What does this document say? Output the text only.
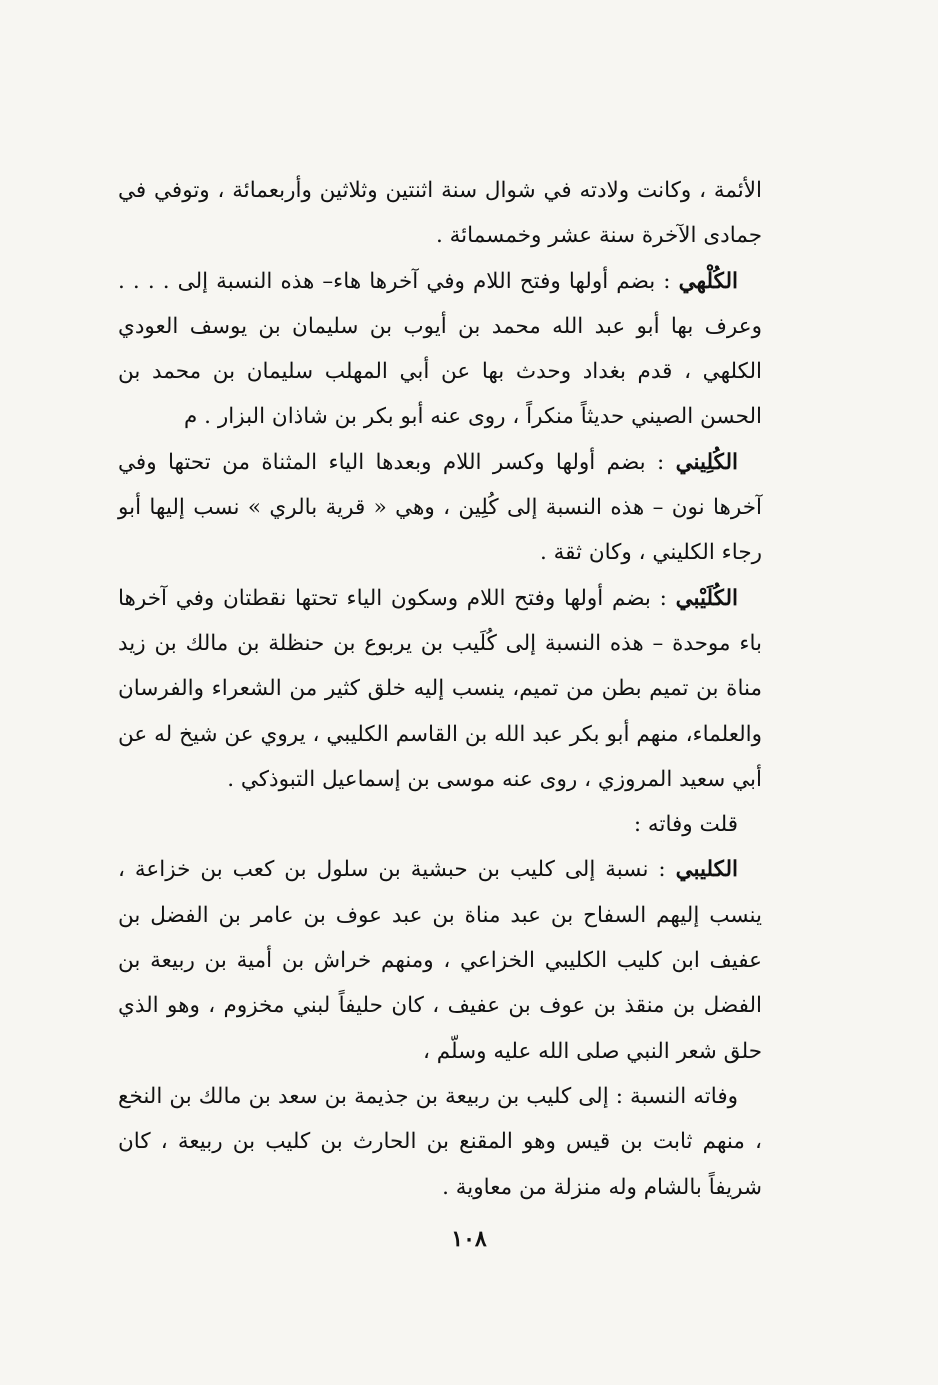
الأئمة ، وكانت ولادته في شوال سنة اثنتين وثلاثين وأربعمائة ، وتوفي في جمادى الآخرة سنة عشر وخمسمائة .

الكُلْهي : بضم أولها وفتح اللام وفي آخرها هاء– هذه النسبة إلى . . . . وعرف بها أبو عبد الله محمد بن أيوب بن سليمان بن يوسف العودي الكلهي ، قدم بغداد وحدث بها عن أبي المهلب سليمان بن محمد بن الحسن الصيني حديثاً منكراً ، روى عنه أبو بكر بن شاذان البزار . م

الكُلِيني : بضم أولها وكسر اللام وبعدها الياء المثناة من تحتها وفي آخرها نون – هذه النسبة إلى كُلِين ، وهي « قرية بالري » نسب إليها أبو رجاء الكليني ، وكان ثقة .

الكُلَيْبي : بضم أولها وفتح اللام وسكون الياء تحتها نقطتان وفي آخرها باء موحدة – هذه النسبة إلى كُلَيب بن يربوع بن حنظلة بن مالك بن زيد مناة بن تميم بطن من تميم، ينسب إليه خلق كثير من الشعراء والفرسان والعلماء، منهم أبو بكر عبد الله بن القاسم الكليبي ، يروي عن شيخ له عن أبي سعيد المروزي ، روى عنه موسى بن إسماعيل التبوذكي .

قلت وفاته :

الكليبي : نسبة إلى كليب بن حبشية بن سلول بن كعب بن خزاعة ، ينسب إليهم السفاح بن عبد مناة بن عبد عوف بن عامر بن الفضل بن عفيف ابن كليب الكليبي الخزاعي ، ومنهم خراش بن أمية بن ربيعة بن الفضل بن منقذ بن عوف بن عفيف ، كان حليفاً لبني مخزوم ، وهو الذي حلق شعر النبي صلى الله عليه وسلّم ،

وفاته النسبة : إلى كليب بن ربيعة بن جذيمة بن سعد بن مالك بن النخع ، منهم ثابت بن قيس وهو المقنع بن الحارث بن كليب بن ربيعة ، كان شريفاً بالشام وله منزلة من معاوية .

١٠٨
